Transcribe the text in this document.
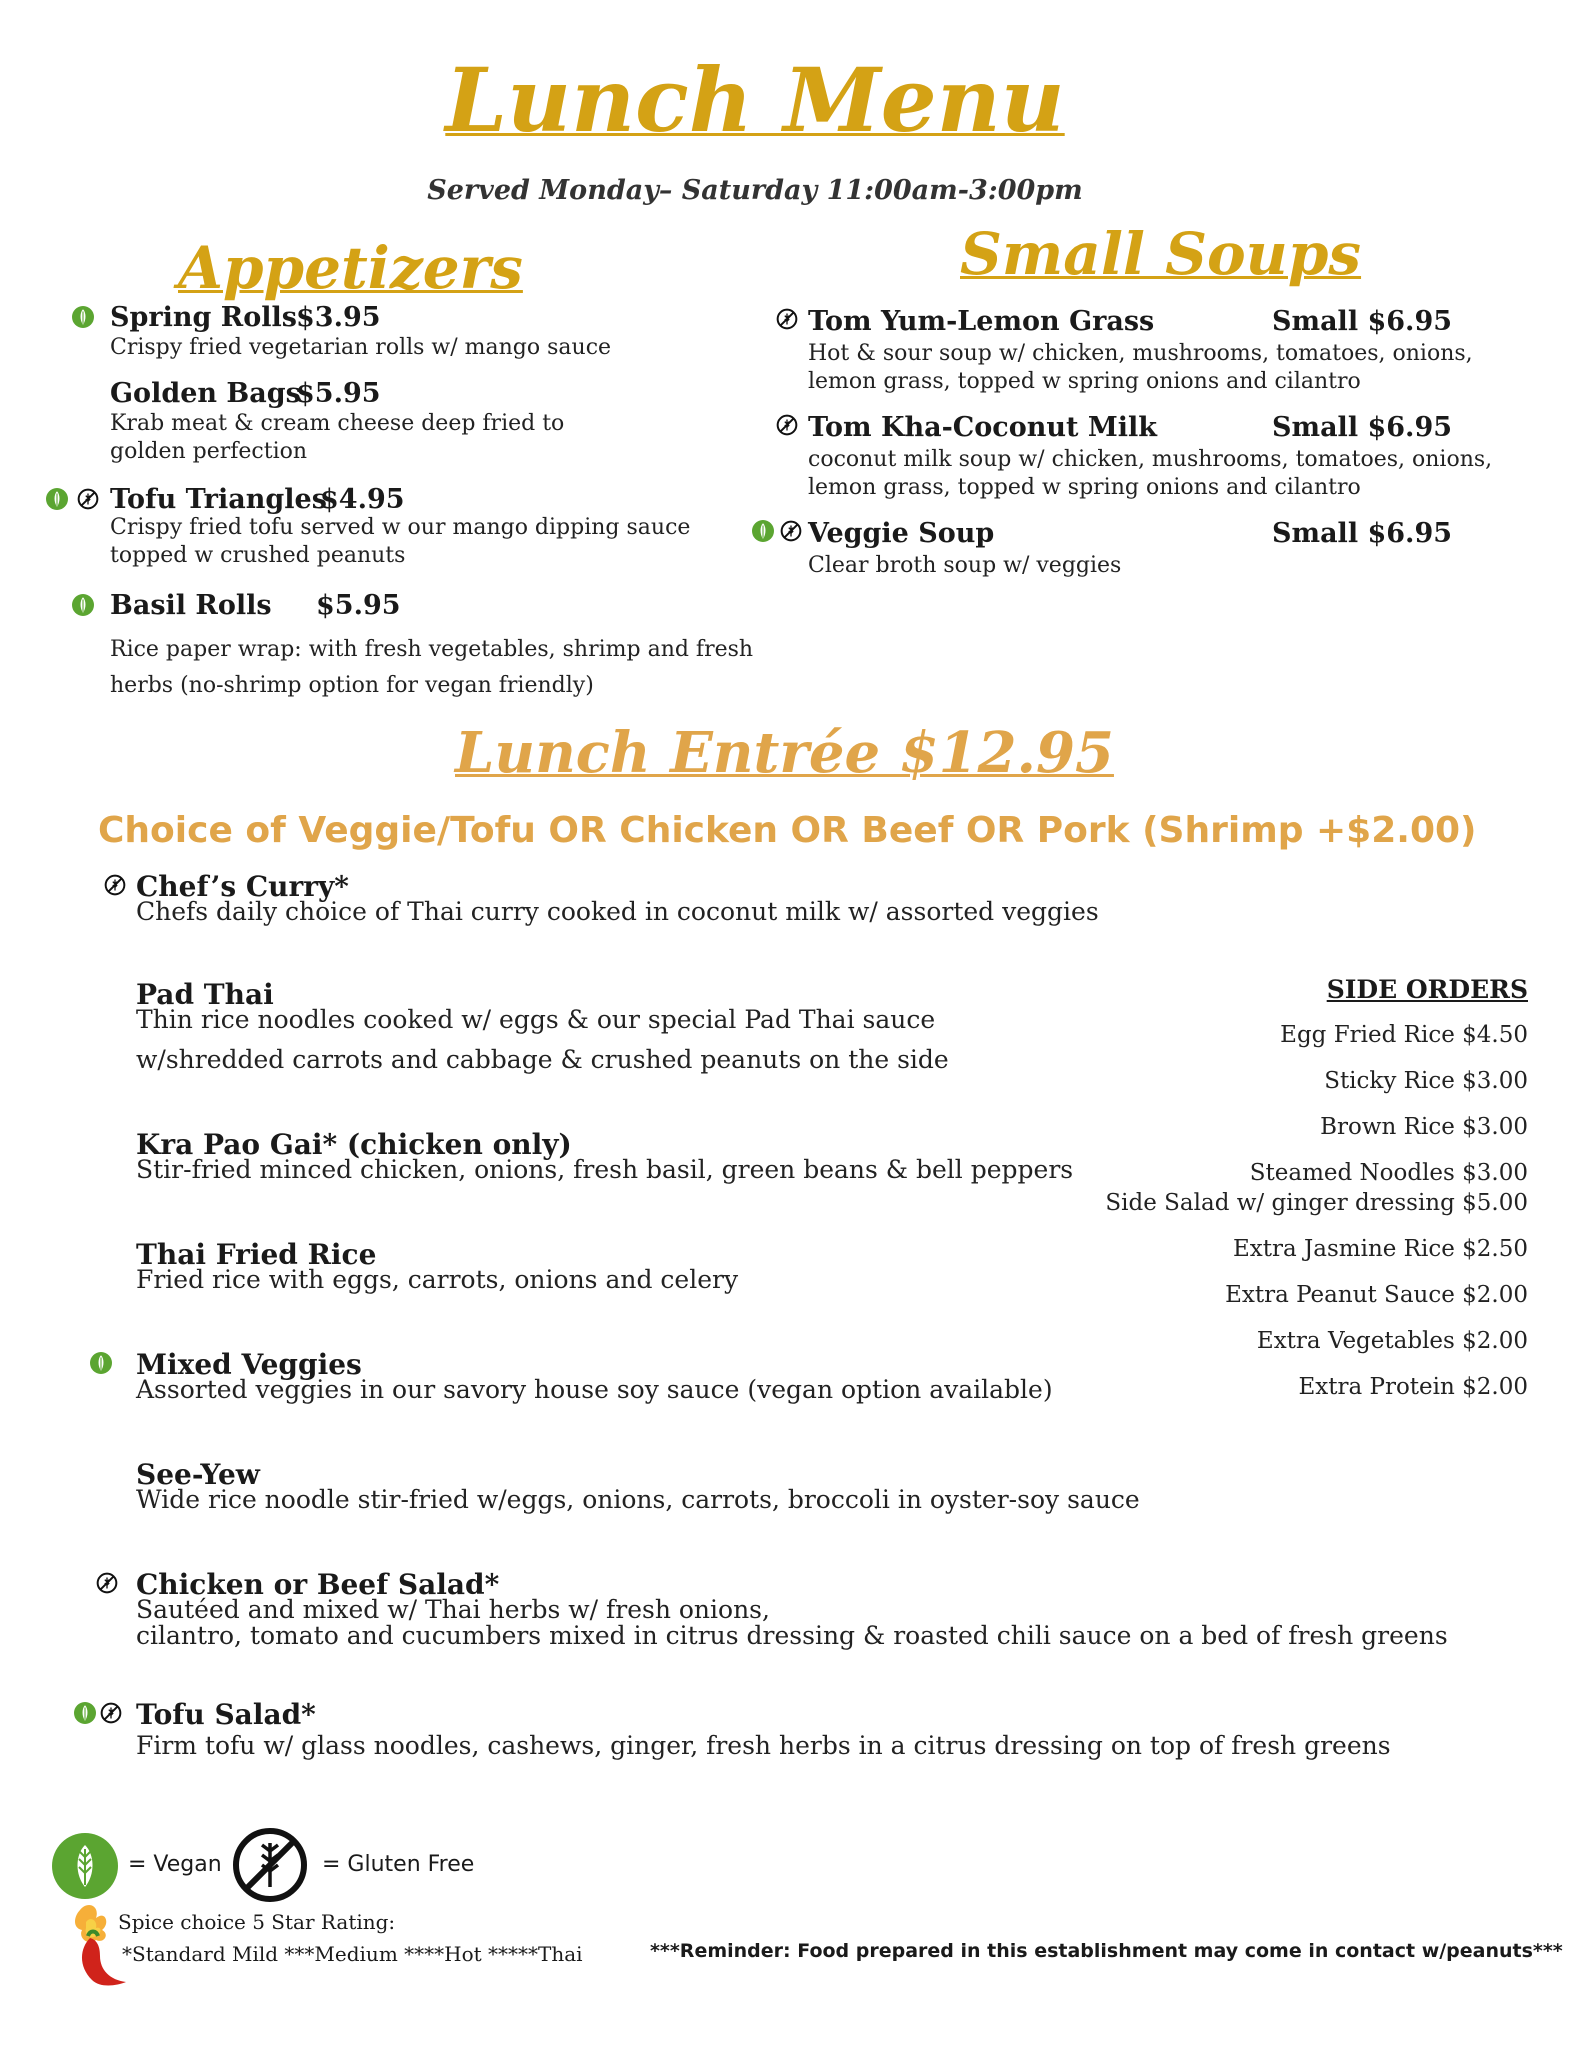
Lunch Menu
Served Monday– Saturday 11:00am-3:00pm
Appetizers	Small Soups
Spring Rolls $3.95
Crispy fried vegetarian rolls w/ mango sauce
Golden Bags
$5.95
Krab meat & cream cheese deep fried to
golden perfection
Tofu Triangles
$4.95
Crispy fried tofu served w our mango dipping sauce
topped w crushed peanuts
Basil Rolls $5.95
Rice paper wrap: with fresh vegetables, shrimp and fresh
herbs (no-shrimp option for vegan friendly)
Tom Yum-Lemon Grass	Small $6.95
Hot & sour soup w/ chicken, mushrooms, tomatoes, onions,
lemon grass, topped w spring onions and cilantro
Tom Kha-Coconut Milk	Small $6.95
coconut milk soup w/ chicken, mushrooms, tomatoes, onions,
lemon grass, topped w spring onions and cilantro
Veggie Soup	Small $6.95
Clear broth soup w/ veggies
Lunch Entrée $12.95
Choice of Veggie/Tofu OR Chicken OR Beef OR Pork (Shrimp +$2.00)
Chef’s Curry*
Chefs daily choice of Thai curry cooked in coconut milk w/ assorted veggies
Pad Thai
Thin rice noodles cooked w/ eggs & our special Pad Thai sauce
w/shredded carrots and cabbage & crushed peanuts on the side
Kra Pao Gai* (chicken only)
Stir-fried minced chicken, onions, fresh basil, green beans & bell peppers
Thai Fried Rice
Fried rice with eggs, carrots, onions and celery
Mixed Veggies
Assorted veggies in our savory house soy sauce (vegan option available)
See-Yew
Wide rice noodle stir-fried w/eggs, onions, carrots, broccoli in oyster-soy sauce
Chicken or Beef Salad*
Sautéed and mixed w/ Thai herbs w/ fresh onions,
cilantro, tomato and cucumbers mixed in citrus dressing & roasted chili sauce on a bed of fresh greens
Tofu Salad*
Firm tofu w/ glass noodles, cashews, ginger, fresh herbs in a citrus dressing on top of fresh greens
SIDE ORDERS
Egg Fried Rice $4.50
Sticky Rice $3.00
Brown Rice $3.00
Steamed Noodles $3.00
Side Salad w/ ginger dressing $5.00
Extra Jasmine Rice $2.50
Extra Peanut Sauce $2.00
Extra Vegetables $2.00
Extra Protein $2.00
= Vegan	= Gluten Free
Spice choice 5 Star Rating:
*Standard Mild ***Medium ****Hot *****Thai	***Reminder: Food prepared in this establishment may come in contact w/peanuts***
